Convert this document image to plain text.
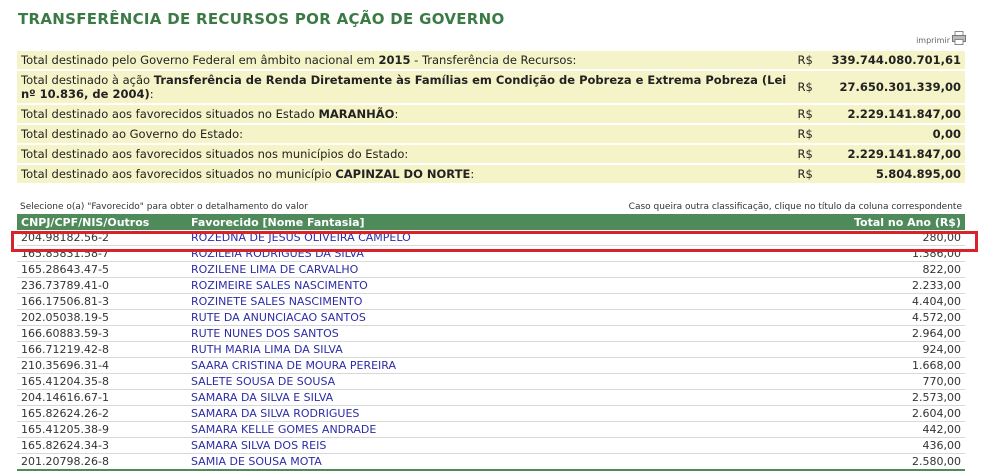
TRANSFERÊNCIA DE RECURSOS POR AÇÃO DE GOVERNO
imprimir
Total destinado pelo Governo Federal em âmbito nacional em 2015 - Transferência de Recursos:	R$	339.744.080.701,61
Total destinado à ação Transferência de Renda Diretamente às Famílias em Condição de Pobreza e Extrema Pobreza (Lei nº 10.836, de 2004):	R$	27.650.301.339,00
Total destinado aos favorecidos situados no Estado MARANHÃO:	R$	2.229.141.847,00
Total destinado ao Governo do Estado:	R$	0,00
Total destinado aos favorecidos situados nos municípios do Estado:	R$	2.229.141.847,00
Total destinado aos favorecidos situados no município CAPINZAL DO NORTE:	R$	5.804.895,00
Selecione o(a) "Favorecido" para obter o detalhamento do valor	Caso queira outra classificação, clique no título da coluna correspondente
CNPJ/CPF/NIS/Outros	Favorecido [Nome Fantasia]	Total no Ano (R$)
204.98182.56-2	ROZEDNA DE JESUS OLIVEIRA CAMPELO	280,00
165.85831.58-7	ROZILEIA RODRIGUES DA SILVA	1.386,00
165.28643.47-5	ROZILENE LIMA DE CARVALHO	822,00
236.73789.41-0	ROZIMEIRE SALES NASCIMENTO	2.233,00
166.17506.81-3	ROZINETE SALES NASCIMENTO	4.404,00
202.05038.19-5	RUTE DA ANUNCIACAO SANTOS	4.572,00
166.60883.59-3	RUTE NUNES DOS SANTOS	2.964,00
166.71219.42-8	RUTH MARIA LIMA DA SILVA	924,00
210.35696.31-4	SAARA CRISTINA DE MOURA PEREIRA	1.668,00
165.41204.35-8	SALETE SOUSA DE SOUSA	770,00
204.14616.67-1	SAMARA DA SILVA E SILVA	2.573,00
165.82624.26-2	SAMARA DA SILVA RODRIGUES	2.604,00
165.41205.38-9	SAMARA KELLE GOMES ANDRADE	442,00
165.82624.34-3	SAMARA SILVA DOS REIS	436,00
201.20798.26-8	SAMIA DE SOUSA MOTA	2.580,00
